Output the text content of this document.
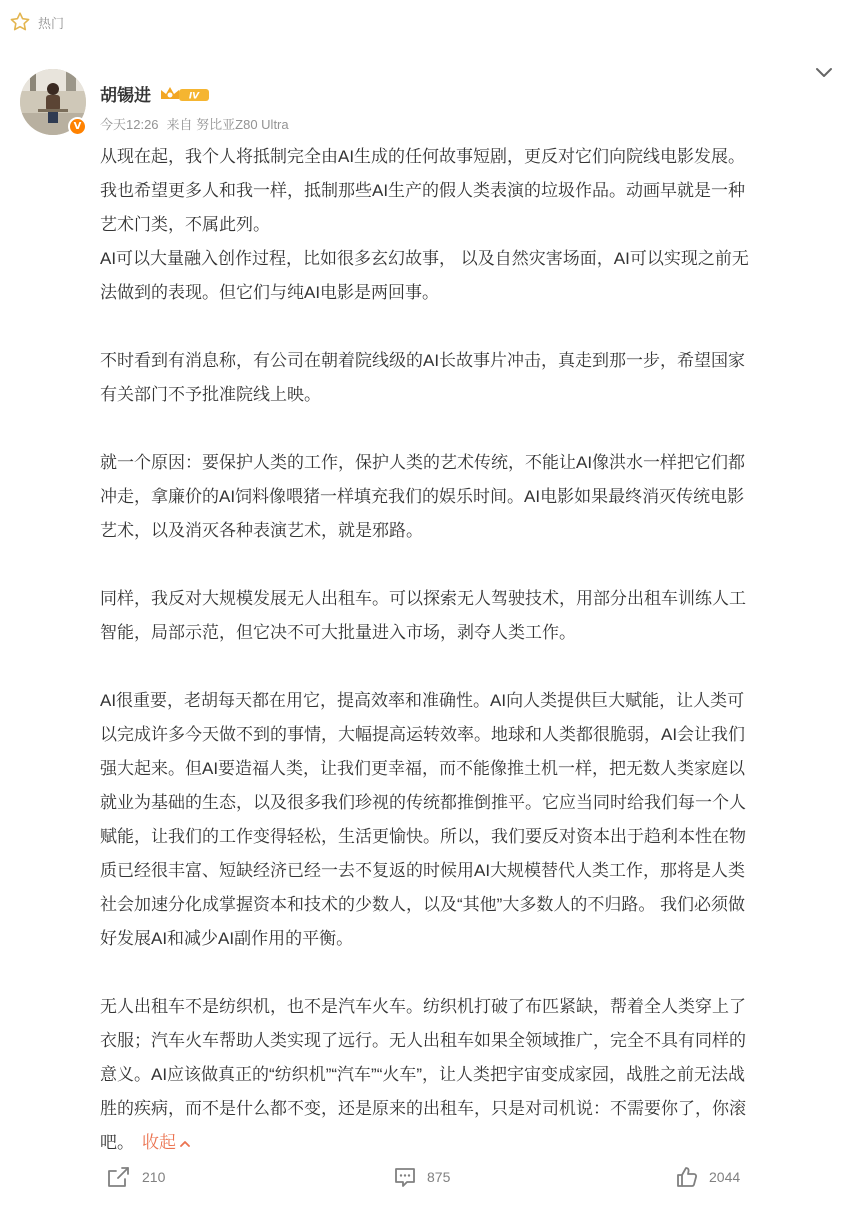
热门
V
胡锡进	IV
今天12:26 来自 努比亚Z80 Ultra
从现在起，我个人将抵制完全由AI生成的任何故事短剧，更反对它们向院线电影发展。
我也希望更多人和我一样，抵制那些AI生产的假人类表演的垃圾作品。动画早就是一种
艺术门类，不属此列。
AI可以大量融入创作过程，比如很多玄幻故事， 以及自然灾害场面，AI可以实现之前无
法做到的表现。但它们与纯AI电影是两回事。
不时看到有消息称，有公司在朝着院线级的AI长故事片冲击，真走到那一步，希望国家
有关部门不予批准院线上映。
就一个原因：要保护人类的工作，保护人类的艺术传统，不能让AI像洪水一样把它们都
冲走，拿廉价的AI饲料像喂猪一样填充我们的娱乐时间。AI电影如果最终消灭传统电影
艺术，以及消灭各种表演艺术，就是邪路。
同样，我反对大规模发展无人出租车。可以探索无人驾驶技术，用部分出租车训练人工
智能，局部示范，但它决不可大批量进入市场，剥夺人类工作。
AI很重要，老胡每天都在用它，提高效率和准确性。AI向人类提供巨大赋能，让人类可
以完成许多今天做不到的事情，大幅提高运转效率。地球和人类都很脆弱，AI会让我们
强大起来。但AI要造福人类，让我们更幸福，而不能像推土机一样，把无数人类家庭以
就业为基础的生态，以及很多我们珍视的传统都推倒推平。它应当同时给我们每一个人
赋能，让我们的工作变得轻松，生活更愉快。所以，我们要反对资本出于趋利本性在物
质已经很丰富、短缺经济已经一去不复返的时候用AI大规模替代人类工作，那将是人类
社会加速分化成掌握资本和技术的少数人，以及“其他”大多数人的不归路。 我们必须做
好发展AI和减少AI副作用的平衡。
无人出租车不是纺织机，也不是汽车火车。纺织机打破了布匹紧缺，帮着全人类穿上了
衣服；汽车火车帮助人类实现了远行。无人出租车如果全领域推广，完全不具有同样的
意义。AI应该做真正的“纺织机”“汽车”“火车”，让人类把宇宙变成家园，战胜之前无法战
胜的疾病，而不是什么都不变，还是原来的出租车，只是对司机说：不需要你了，你滚
吧。 收起
210	875	2044
